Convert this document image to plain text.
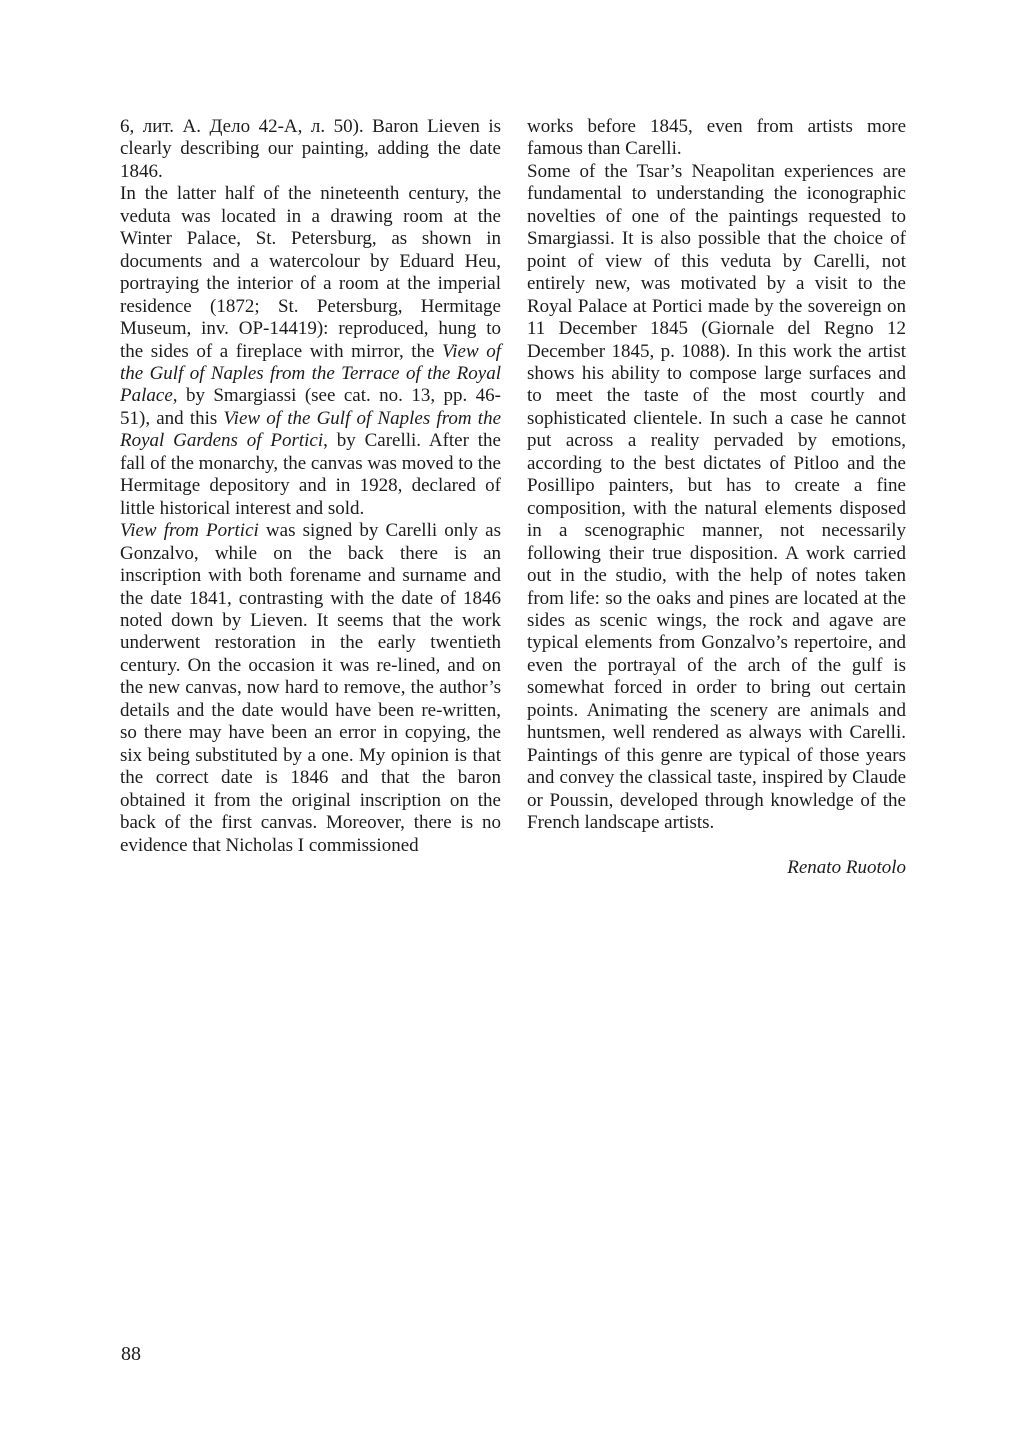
6, лит. А. Дело 42-А, л. 50). Baron Lieven is clearly describing our painting, adding the date 1846.

In the latter half of the nineteenth century, the veduta was located in a drawing room at the Winter Palace, St. Petersburg, as shown in documents and a watercolour by Eduard Heu, portraying the interior of a room at the imperial residence (1872; St. Petersburg, Hermitage Museum, inv. OP-14419): reproduced, hung to the sides of a fireplace with mirror, the View of the Gulf of Naples from the Terrace of the Royal Palace, by Smargiassi (see cat. no. 13, pp. 46-51), and this View of the Gulf of Naples from the Royal Gardens of Portici, by Carelli. After the fall of the monarchy, the canvas was moved to the Hermitage depository and in 1928, declared of little historical interest and sold.

View from Portici was signed by Carelli only as Gonzalvo, while on the back there is an inscription with both forename and surname and the date 1841, contrasting with the date of 1846 noted down by Lieven. It seems that the work underwent restoration in the early twentieth century. On the occasion it was re-lined, and on the new canvas, now hard to remove, the author’s details and the date would have been re-written, so there may have been an error in copying, the six being substituted by a one. My opinion is that the correct date is 1846 and that the baron obtained it from the original inscription on the back of the first canvas. Moreover, there is no evidence that Nicholas I commissioned

works before 1845, even from artists more famous than Carelli.

Some of the Tsar’s Neapolitan experiences are fundamental to understanding the iconographic novelties of one of the paintings requested to Smargiassi. It is also possible that the choice of point of view of this veduta by Carelli, not entirely new, was motivated by a visit to the Royal Palace at Portici made by the sovereign on 11 December 1845 (Giornale del Regno 12 December 1845, p. 1088). In this work the artist shows his ability to compose large surfaces and to meet the taste of the most courtly and sophisticated clientele. In such a case he cannot put across a reality pervaded by emotions, according to the best dictates of Pitloo and the Posillipo painters, but has to create a fine composition, with the natural elements disposed in a scenographic manner, not necessarily following their true disposition. A work carried out in the studio, with the help of notes taken from life: so the oaks and pines are located at the sides as scenic wings, the rock and agave are typical elements from Gonzalvo’s repertoire, and even the portrayal of the arch of the gulf is somewhat forced in order to bring out certain points. Animating the scenery are animals and huntsmen, well rendered as always with Carelli. Paintings of this genre are typical of those years and convey the classical taste, inspired by Claude or Poussin, developed through knowledge of the French landscape artists.

Renato Ruotolo

88
